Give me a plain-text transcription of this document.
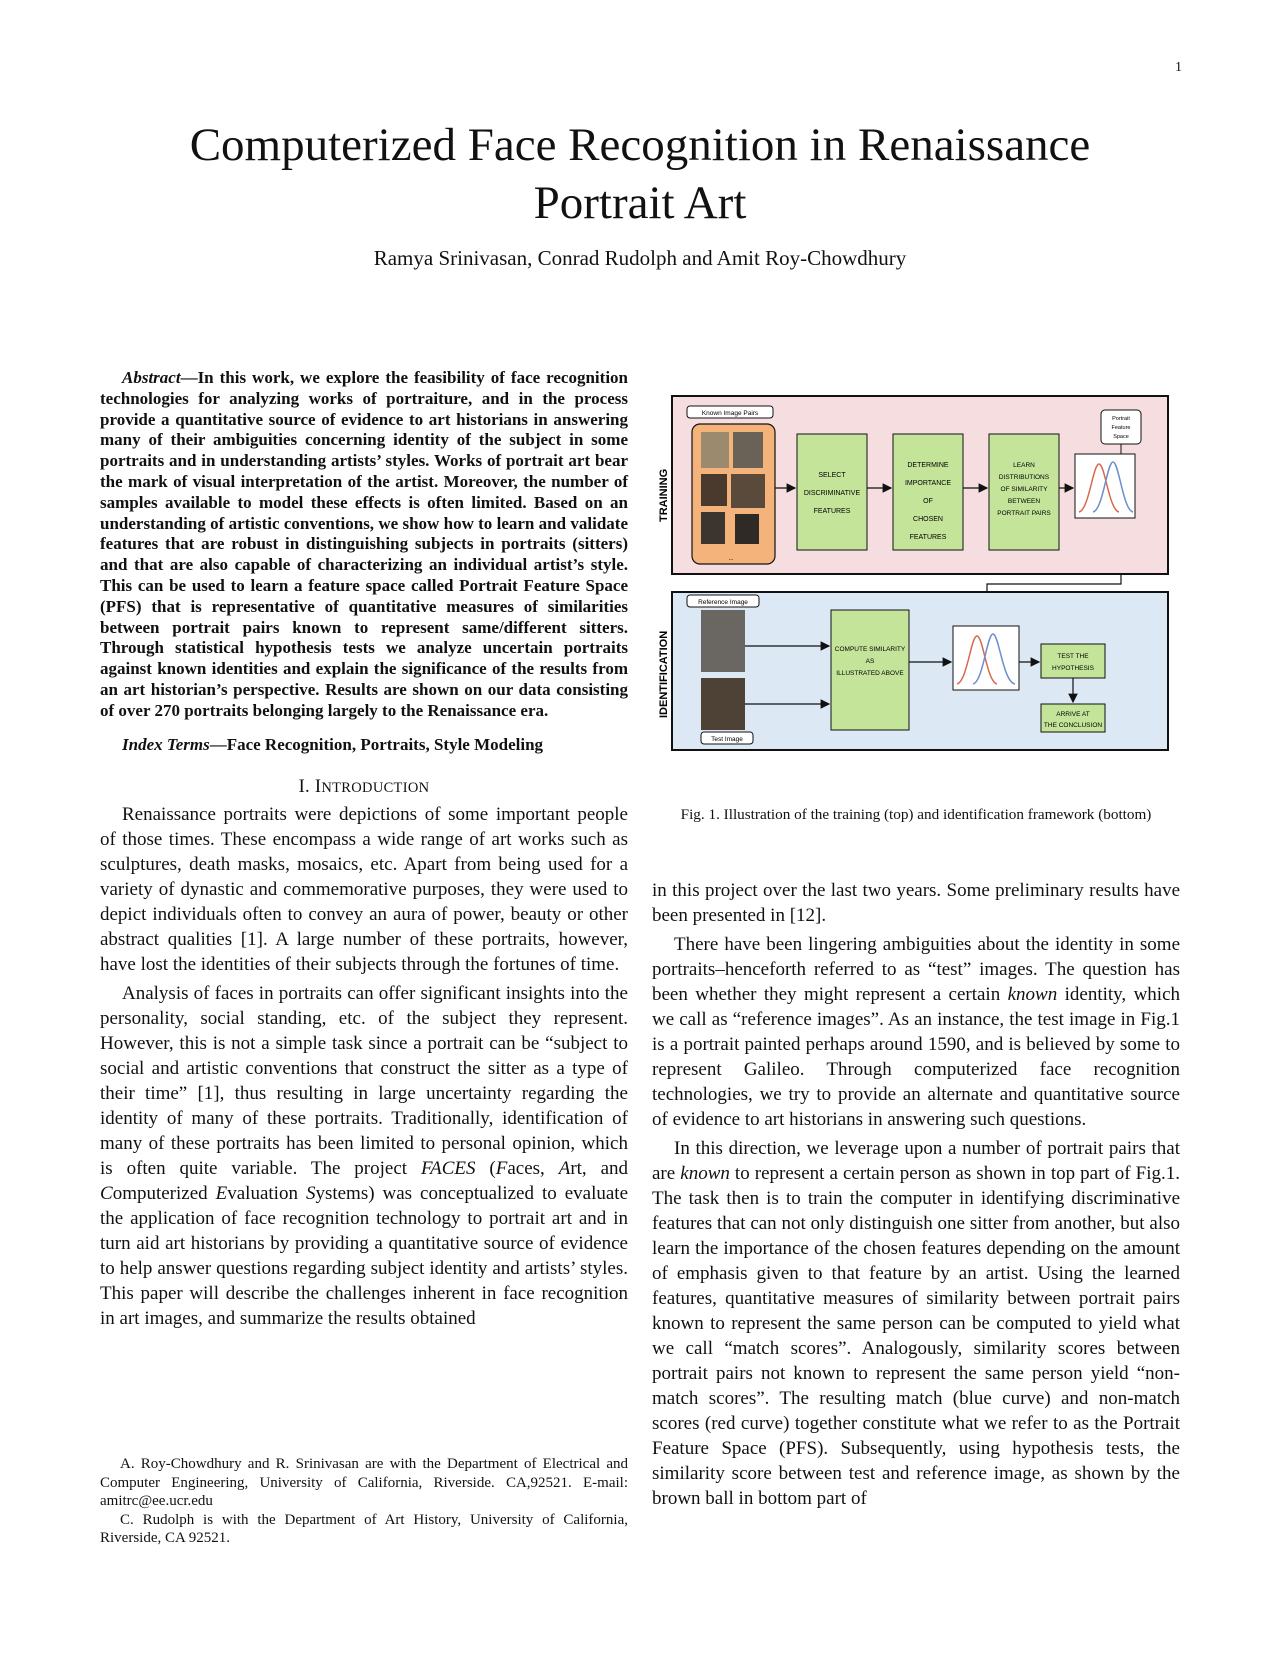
1
Computerized Face Recognition in Renaissance
Portrait Art
Ramya Srinivasan, Conrad Rudolph and Amit Roy-Chowdhury

Abstract—In this work, we explore the feasibility of face recognition technologies for analyzing works of portraiture, and in the process provide a quantitative source of evidence to art historians in answering many of their ambiguities concerning identity of the subject in some portraits and in understanding artists’ styles. Works of portrait art bear the mark of visual interpretation of the artist. Moreover, the number of samples available to model these effects is often limited. Based on an understanding of artistic conventions, we show how to learn and validate features that are robust in distinguishing subjects in portraits (sitters) and that are also capable of characterizing an individual artist’s style. This can be used to learn a feature space called Portrait Feature Space (PFS) that is representative of quantitative measures of similarities between portrait pairs known to represent same/different sitters. Through statistical hypothesis tests we analyze uncertain portraits against known identities and explain the significance of the results from an art historian’s perspective. Results are shown on our data consisting of over 270 portraits belonging largely to the Renaissance era.

Index Terms—Face Recognition, Portraits, Style Modeling

I. INTRODUCTION

Renaissance portraits were depictions of some important people of those times. These encompass a wide range of art works such as sculptures, death masks, mosaics, etc. Apart from being used for a variety of dynastic and commemorative purposes, they were used to depict individuals often to convey an aura of power, beauty or other abstract qualities [1]. A large number of these portraits, however, have lost the identities of their subjects through the fortunes of time.

Analysis of faces in portraits can offer significant insights into the personality, social standing, etc. of the subject they represent. However, this is not a simple task since a portrait can be “subject to social and artistic conventions that construct the sitter as a type of their time” [1], thus resulting in large uncertainty regarding the identity of many of these portraits. Traditionally, identification of many of these portraits has been limited to personal opinion, which is often quite variable. The project FACES (Faces, Art, and Computerized Evaluation Systems) was conceptualized to evaluate the application of face recognition technology to portrait art and in turn aid art historians by providing a quantitative source of evidence to help answer questions regarding subject identity and artists’ styles. This paper will describe the challenges inherent in face recognition in art images, and summarize the results obtained

A. Roy-Chowdhury and R. Srinivasan are with the Department of Electrical and Computer Engineering, University of California, Riverside. CA,92521. E-mail: amitrc@ee.ucr.edu

C. Rudolph is with the Department of Art History, University of California, Riverside, CA 92521.

TRAINING
Known Image Pairs
..
SELECT
DISCRIMINATIVE
FEATURES
DETERMINE
IMPORTANCE
OF
CHOSEN
FEATURES
LEARN
DISTRIBUTIONS
OF SIMILARITY
BETWEEN
PORTRAIT PAIRS
Portrait
Feature
Space
IDENTIFICATION
Reference Image
Test Image
COMPUTE SIMILARITY
AS
ILLUSTRATED ABOVE
TEST THE
HYPOTHESIS
ARRIVE AT
THE CONCLUSION
Fig. 1. Illustration of the training (top) and identification framework (bottom)

in this project over the last two years. Some preliminary results have been presented in [12].

There have been lingering ambiguities about the identity in some portraits–henceforth referred to as “test” images. The question has been whether they might represent a certain known identity, which we call as “reference images”. As an instance, the test image in Fig.1 is a portrait painted perhaps around 1590, and is believed by some to represent Galileo. Through computerized face recognition technologies, we try to provide an alternate and quantitative source of evidence to art historians in answering such questions.

In this direction, we leverage upon a number of portrait pairs that are known to represent a certain person as shown in top part of Fig.1. The task then is to train the computer in identifying discriminative features that can not only distinguish one sitter from another, but also learn the importance of the chosen features depending on the amount of emphasis given to that feature by an artist. Using the learned features, quantitative measures of similarity between portrait pairs known to represent the same person can be computed to yield what we call “match scores”. Analogously, similarity scores between portrait pairs not known to represent the same person yield “non-match scores”. The resulting match (blue curve) and non-match scores (red curve) together constitute what we refer to as the Portrait Feature Space (PFS). Subsequently, using hypothesis tests, the similarity score between test and reference image, as shown by the brown ball in bottom part of
